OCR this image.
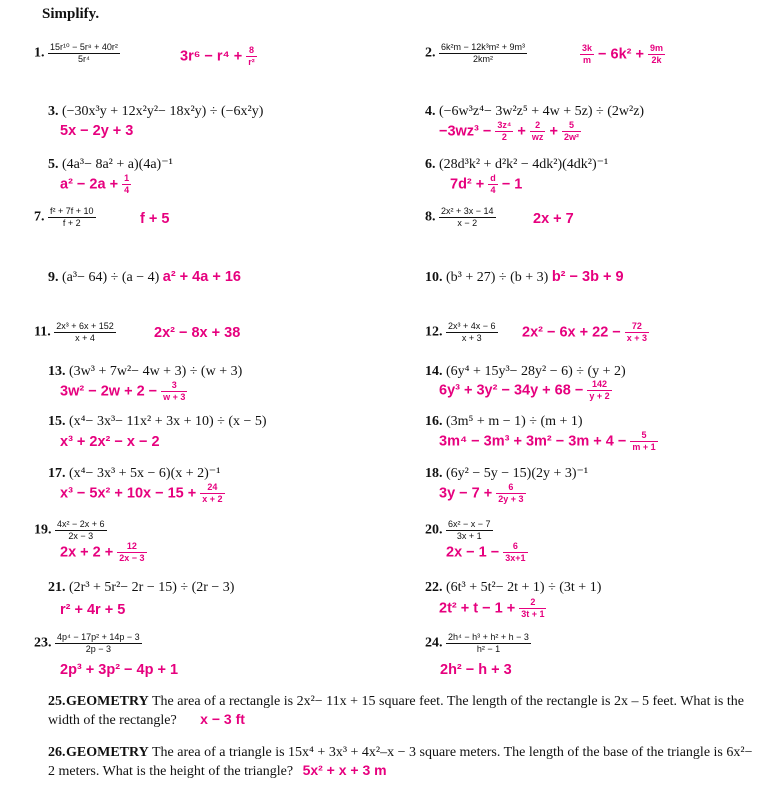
Simplify.
1. $\frac{\text{15r¹⁰ − 5r⁸ + 40r²}}{\text{5r⁴}}$	$3r^6 - r^4 + \frac{8}{\text{r²}}$	2. $\frac{\text{6k²m − 12k³m² + 9m³}}{\text{2km²}}$	$\frac{3k}{m} - 6k^2 + \frac{9m}{2k}$
3. (−30x³y + 12x²y²− 18x²y) ÷ (−6x²y)
5x − 2y + 3
4. (−6w³z⁴− 3w²z⁵ + 4w + 5z) ÷ (2w²z)
$-3wz^3 - \frac{\text{3z⁴}}{2} + \frac{2}{wz} + \frac{5}{\text{2w²}}$
5. (4a³− 8a² + a)(4a)⁻¹
$a^2 - 2a + \frac{1}{4}$
6. (28d³k² + d²k² − 4dk²)(4dk²)⁻¹
$7d^2 + \frac{d}{4} - 1$
7. $\frac{\text{f² + 7f + 10}}{f + 2}$	f + 5	8. $\frac{\text{2x² + 3x − 14}}{x - 2}$	2x + 7
9. (a³− 64) ÷ (a − 4) a² + 4a + 16	10. (b³ + 27) ÷ (b + 3) b² − 3b + 9
11. $\frac{\text{2x³ + 6x + 152}}{x + 4}$	2x² − 8x + 38	12. $\frac{\text{2x³ + 4x − 6}}{x + 3} 2x^2 - 6x + 22 - \frac{72}{x + 3}$
13. (3w³ + 7w²− 4w + 3) ÷ (w + 3)
$3w^2 - 2w + 2 - \frac{3}{w + 3}$
14. (6y⁴ + 15y³− 28y² − 6) ÷ (y + 2)
$6y^3 + 3y^2 - 34y + 68 - \frac{142}{y + 2}$
15. (x⁴− 3x³− 11x² + 3x + 10) ÷ (x − 5)
x³ + 2x² − x − 2
16. (3m⁵ + m − 1) ÷ (m + 1)
$3m^4 - 3m^3 + 3m^2 - 3m + 4 - \frac{5}{m + 1}$
17. (x⁴− 3x³ + 5x − 6)(x + 2)⁻¹
$x^3 - 5x^2 + 10x - 15 + \frac{24}{x + 2}$
18. (6y² − 5y − 15)(2y + 3)⁻¹
$3y - 7 + \frac{6}{2y + 3}$
19. $\frac{\text{4x² − 2x + 6}}{2x - 3}$
$2x + 2 + \frac{12}{2x - 3}$
20. $\frac{\text{6x² − x − 7}}{3x + 1}$
$2x - 1 - \frac{6}{3x+1}$
21. (2r³ + 5r²− 2r − 15) ÷ (2r − 3)
r² + 4r + 5
22. (6t³ + 5t²− 2t + 1) ÷ (3t + 1)
$2t^2 + t - 1 + \frac{2}{3t + 1}$
23. $\frac{\text{4p⁴ − 17p² + 14p − 3}}{2p - 3}$
2p³ + 3p² − 4p + 1
24. $\frac{\text{2h⁴ − h³ + h² + h − 3}}{\text{h² − 1}}$
2h² − h + 3
25.GEOMETRY The area of a rectangle is 2x²− 11x + 15 square feet. The length of the rectangle is 2x – 5 feet. What is the width of the rectangle? x − 3 ft
26.GEOMETRY The area of a triangle is 15x⁴ + 3x³ + 4x²–x − 3 square meters. The length of the base of the triangle is 6x²− 2 meters. What is the height of the triangle? 5x² + x + 3 m
